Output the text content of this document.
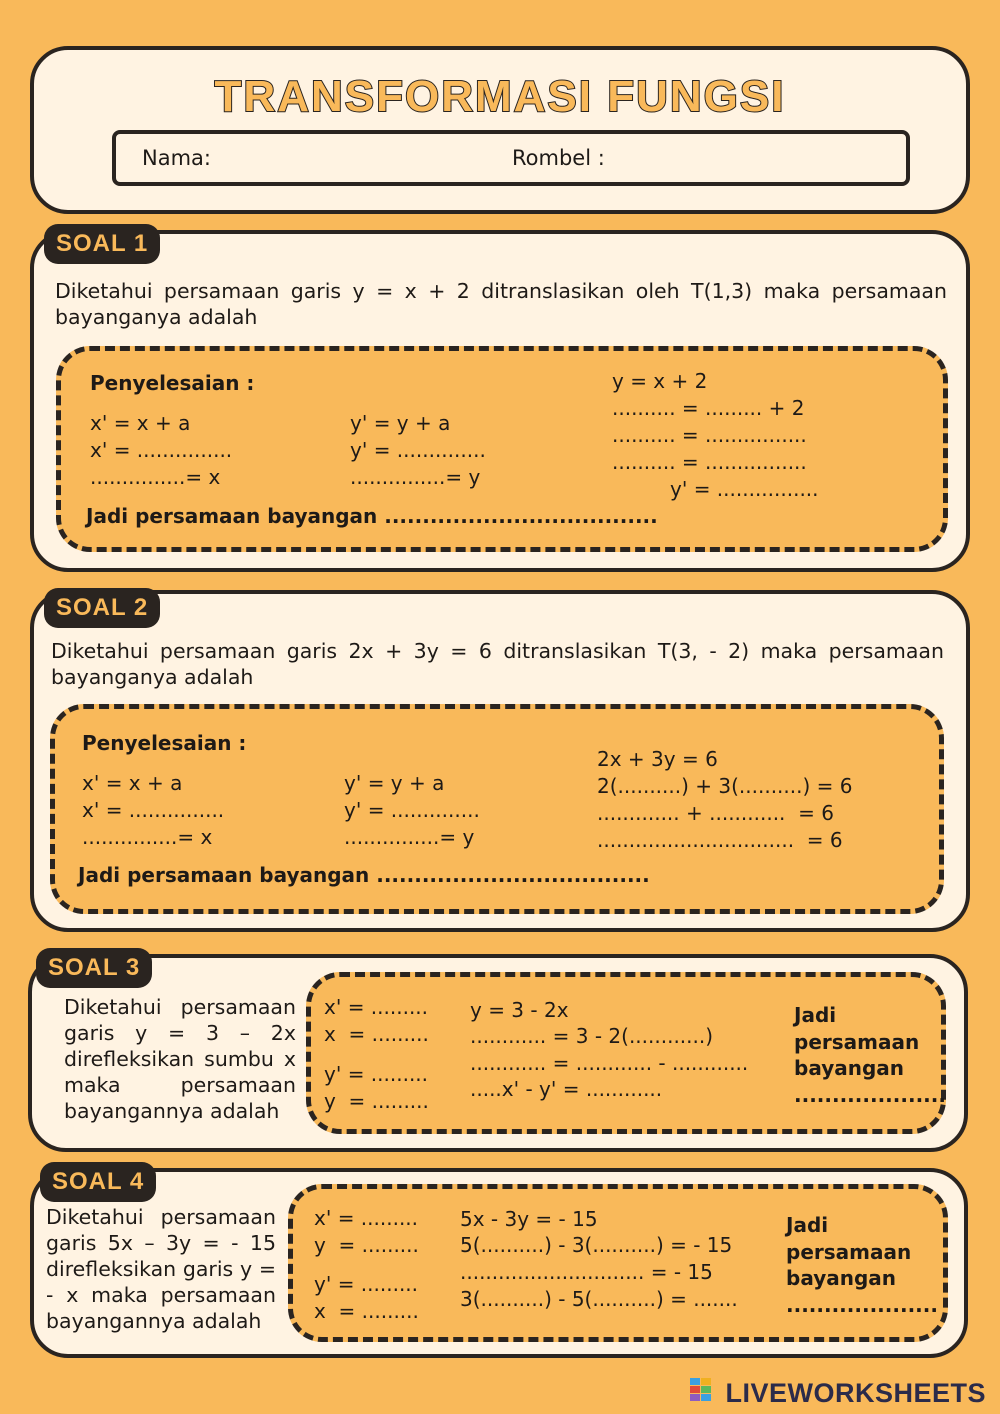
TRANSFORMASI FUNGSI
Nama:	Rombel :
SOAL 1
Diketahui persamaan garis y = x + 2 ditranslasikan oleh T(1,3) maka persamaan
bayanganya adalah
Penyelesaian :
x' = x + a
x' = ...............
...............= x
y' = y + a
y' = ..............
...............= y
y = x + 2
.......... = ......... + 2
.......... = ................
.......... = ................
y' = ................
Jadi persamaan bayangan ....................................
SOAL 2
Diketahui persamaan garis 2x + 3y = 6 ditranslasikan T(3, - 2) maka persamaan
bayanganya adalah
Penyelesaian :
x' = x + a
x' = ...............
...............= x
y' = y + a
y' = ..............
...............= y
2x + 3y = 6
2(..........) + 3(..........) = 6
............. + ............  = 6
...............................  = 6
Jadi persamaan bayangan ....................................
SOAL 3
Diketahui persamaan
garis y = 3 – 2x
direfleksikan sumbu x
maka persamaan
bayangannya adalah
x' = .........
x  = .........
y' = .........
y  = .........
y = 3 - 2x
............ = 3 - 2(............)
............ = ............ - ............
.....x' - y' = ............
Jadi
persamaan
bayangan
....................
SOAL 4
Diketahui persamaan
garis 5x – 3y = - 15
direfleksikan garis y =
- x maka persamaan
bayangannya adalah
x' = .........
y  = .........
y' = .........
x  = .........
5x - 3y = - 15
5(..........) - 3(..........) = - 15
............................. = - 15
3(..........) - 5(..........) = .......
Jadi
persamaan
bayangan
....................
LIVEWORKSHEETS
